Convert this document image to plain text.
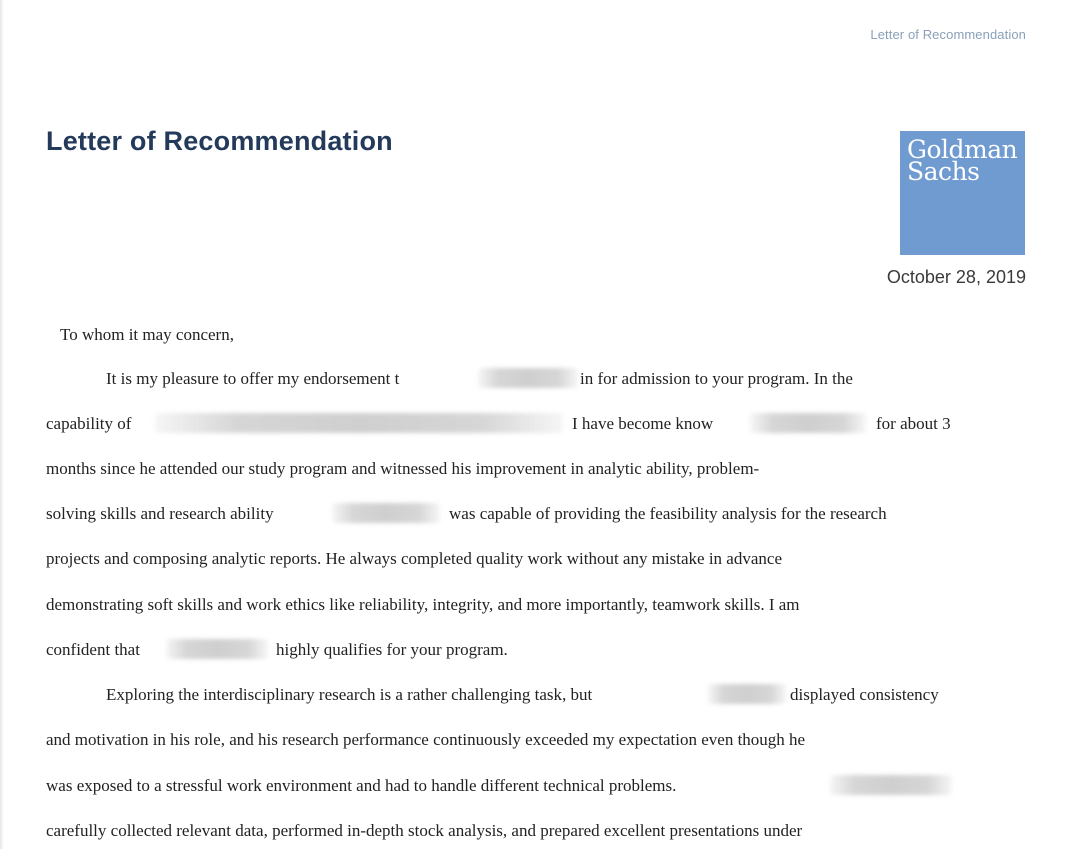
Letter of Recommendation
Letter of Recommendation	Goldman
Sachs
October 28, 2019
To whom it may concern,
It is my pleasure to offer my endorsement t	in for admission to your program. In the
capability of	I have become know	for about 3
months since he attended our study program and witnessed his improvement in analytic ability, problem-
solving skills and research ability	was capable of providing the feasibility analysis for the research
projects and composing analytic reports. He always completed quality work without any mistake in advance
demonstrating soft skills and work ethics like reliability, integrity, and more importantly, teamwork skills. I am
confident that	highly qualifies for your program.
Exploring the interdisciplinary research is a rather challenging task, but	displayed consistency
and motivation in his role, and his research performance continuously exceeded my expectation even though he
was exposed to a stressful work environment and had to handle different technical problems.
carefully collected relevant data, performed in-depth stock analysis, and prepared excellent presentations under
